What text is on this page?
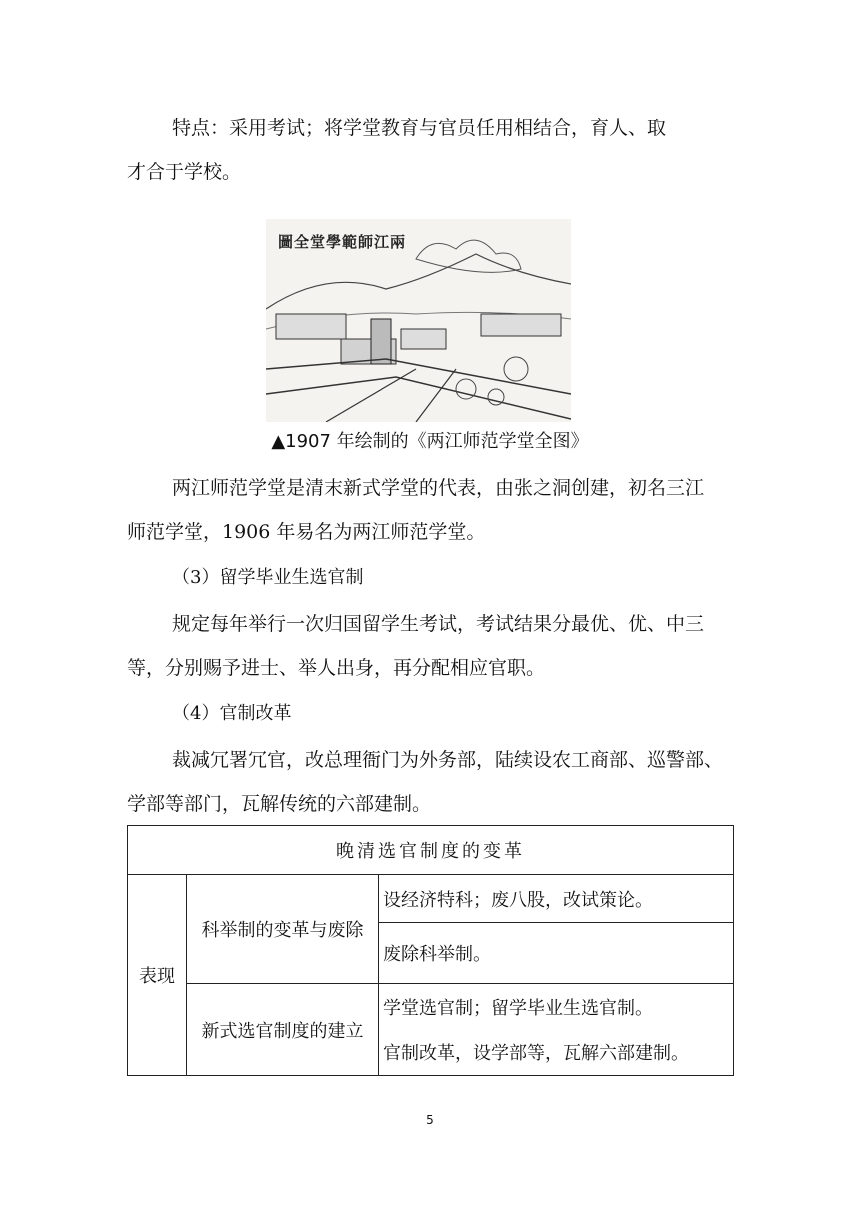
特点：采用考试；将学堂教育与官员任用相结合，育人、取
才合于学校。
圖全堂學範師江兩
▲1907 年绘制的《两江师范学堂全图》
两江师范学堂是清末新式学堂的代表，由张之洞创建，初名三江
师范学堂，1906 年易名为两江师范学堂。
（3）留学毕业生选官制
规定每年举行一次归国留学生考试，考试结果分最优、优、中三
等，分别赐予进士、举人出身，再分配相应官职。
（4）官制改革
裁减冗署冗官，改总理衙门为外务部，陆续设农工商部、巡警部、
学部等部门，瓦解传统的六部建制。
晚清选官制度的变革		
表现	科举制的变革与废除	设经济特科；废八股，改试策论。
		废除科举制。
	新式选官制度的建立	学堂选官制；留学毕业生选官制。
		官制改革，设学部等，瓦解六部建制。
5
